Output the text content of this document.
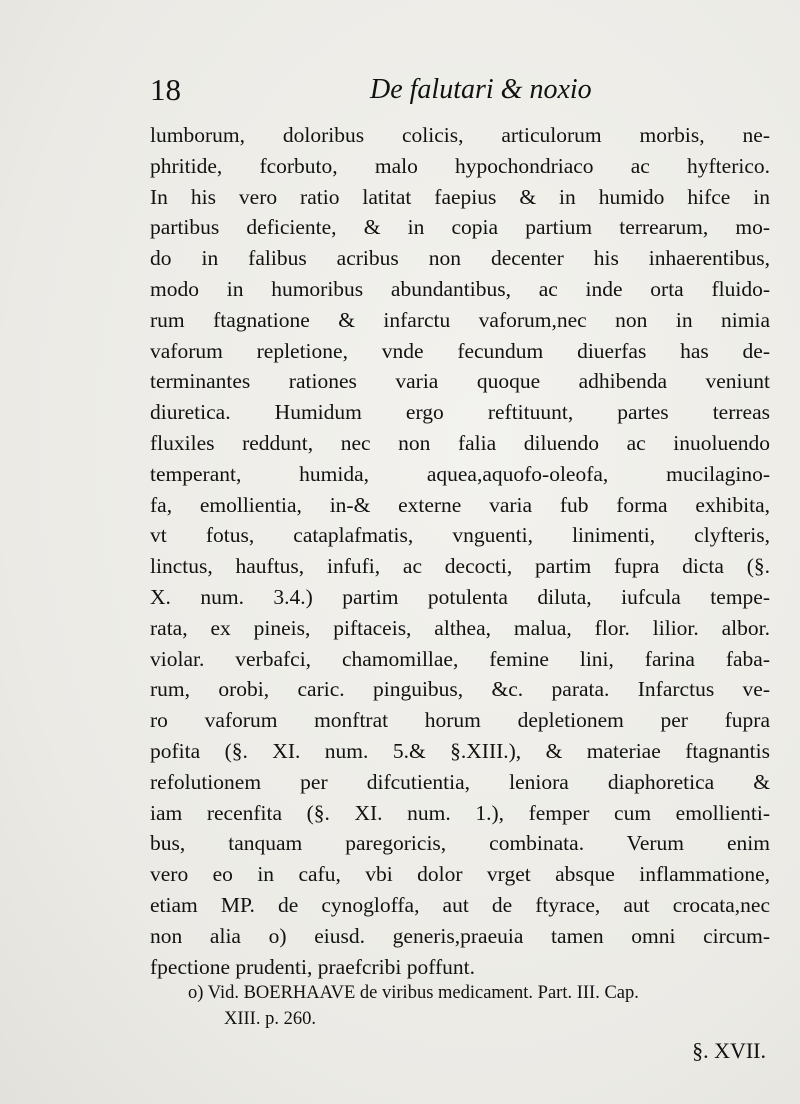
18	De falutari & noxio
lumborum, doloribus colicis, articulorum morbis, ne-
phritide, fcorbuto, malo hypochondriaco ac hyfterico.
In his vero ratio latitat faepius & in humido hifce in
partibus deficiente, & in copia partium terrearum, mo-
do in falibus acribus non decenter his inhaerentibus,
modo in humoribus abundantibus, ac inde orta fluido-
rum ftagnatione & infarctu vaforum,nec non in nimia
vaforum repletione, vnde fecundum diuerfas has de-
terminantes rationes varia quoque adhibenda veniunt
diuretica. Humidum ergo reftituunt, partes terreas
fluxiles reddunt, nec non falia diluendo ac inuoluendo
temperant, humida, aquea,aquofo-oleofa, mucilagino-
fa, emollientia, in-& externe varia fub forma exhibita,
vt fotus, cataplafmatis, vnguenti, linimenti, clyfteris,
linctus, hauftus, infufi, ac decocti, partim fupra dicta (§.
X. num. 3.4.) partim potulenta diluta, iufcula tempe-
rata, ex pineis, piftaceis, althea, malua, flor. lilior. albor.
violar. verbafci, chamomillae, femine lini, farina faba-
rum, orobi, caric. pinguibus, &c. parata. Infarctus ve-
ro vaforum monftrat horum depletionem per fupra
pofita (§. XI. num. 5.& §.XIII.), & materiae ftagnantis
refolutionem per difcutientia, leniora diaphoretica &
iam recenfita (§. XI. num. 1.), femper cum emollienti-
bus, tanquam paregoricis, combinata. Verum enim
vero eo in cafu, vbi dolor vrget absque inflammatione,
etiam MP. de cynogloffa, aut de ftyrace, aut crocata,nec
non alia o) eiusd. generis,praeuia tamen omni circum-
fpectione prudenti, praefcribi poffunt.
o) Vid. BOERHAAVE de viribus medicament. Part. III. Cap.
XIII. p. 260.
§. XVII.
